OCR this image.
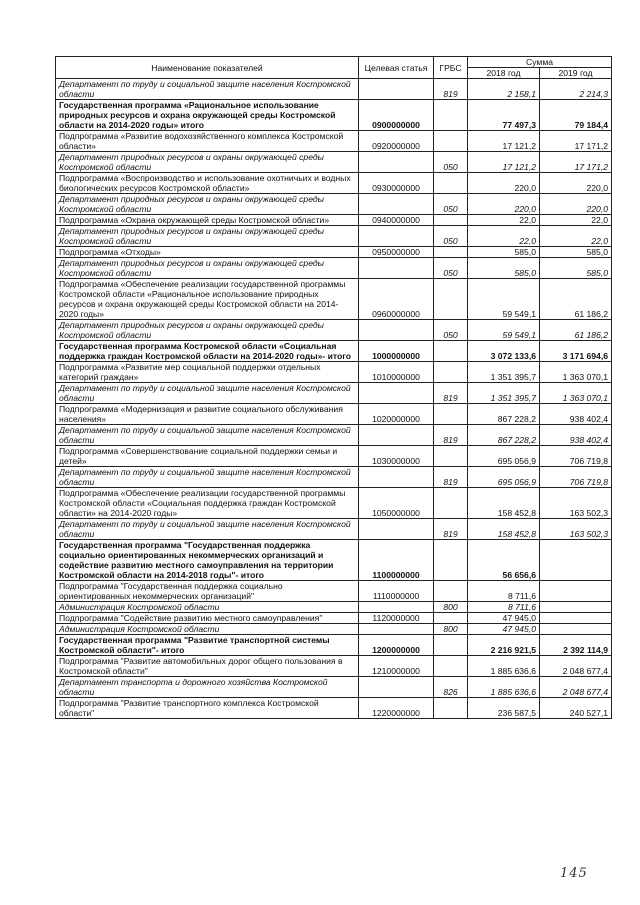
Наименование показателей	Целевая статья	ГРБС	Сумма	
			2018 год	2019 год
Департамент по труду и социальной защите населения Костромской области		819	2 158,1	2 214,3
Государственная программа «Рациональное использование природных ресурсов и охрана окружающей среды Костромской области на 2014-2020 годы» итого	0900000000		77 497,3	79 184,4
Подпрограмма «Развитие водохозяйственного комплекса Костромской области»	0920000000		17 121,2	17 171,2
Департамент природных ресурсов и охраны окружающей среды Костромской области		050	17 121,2	17 171,2
Подпрограмма «Воспроизводство и использование охотничьих и водных биологических ресурсов Костромской области»	0930000000		220,0	220,0
Департамент природных ресурсов и охраны окружающей среды Костромской области		050	220,0	220,0
Подпрограмма «Охрана окружающей среды Костромской области»	0940000000		22,0	22,0
Департамент природных ресурсов и охраны окружающей среды Костромской области		050	22,0	22,0
Подпрограмма «Отходы»	0950000000		585,0	585,0
Департамент природных ресурсов и охраны окружающей среды Костромской области		050	585,0	585,0
Подпрограмма «Обеспечение реализации государственной программы Костромской области «Рациональное использование природных ресурсов и охрана окружающей среды Костромской области на 2014-2020 годы»	0960000000		59 549,1	61 186,2
Департамент природных ресурсов и охраны окружающей среды Костромской области		050	59 549,1	61 186,2
Государственная программа Костромской области «Социальная поддержка граждан Костромской области на 2014-2020 годы»- итого	1000000000		3 072 133,6	3 171 694,6
Подпрограмма «Развитие мер социальной поддержки отдельных категорий граждан»	1010000000		1 351 395,7	1 363 070,1
Департамент по труду и социальной защите населения Костромской области		819	1 351 395,7	1 363 070,1
Подпрограмма «Модернизация и развитие социального обслуживания населения»	1020000000		867 228,2	938 402,4
Департамент по труду и социальной защите населения Костромской области		819	867 228,2	938 402,4
Подпрограмма «Совершенствование социальной поддержки семьи и детей»	1030000000		695 056,9	706 719,8
Департамент по труду и социальной защите населения Костромской области		819	695 056,9	706 719,8
Подпрограмма «Обеспечение реализации государственной программы Костромской области «Социальная поддержка граждан Костромской области» на 2014-2020 годы»	1050000000		158 452,8	163 502,3
Департамент по труду и социальной защите населения Костромской области		819	158 452,8	163 502,3
Государственная программа "Государственная поддержка социально ориентированных некоммерческих организаций и содействие развитию местного самоуправления на территории Костромской области на 2014-2018 годы"- итого	1100000000		56 656,6	
Подпрограмма "Государственная поддержка социально ориентированных некоммерческих организаций"	1110000000		8 711,6	
Администрация Костромской области		800	8 711,6	
Подпрограмма "Содействие развитию местного самоуправления"	1120000000		47 945,0	
Администрация Костромской области		800	47 945,0	
Государственная программа "Развитие транспортной системы Костромской области"- итого	1200000000		2 216 921,5	2 392 114,9
Подпрограмма "Развитие автомобильных дорог общего пользования в Костромской области"	1210000000		1 885 636,6	2 048 677,4
Департамент транспорта и дорожного хозяйства Костромской области		826	1 885 636,6	2 048 677,4
Подпрограмма "Развитие транспортного комплекса Костромской области"	1220000000		236 587,5	240 527,1
145
